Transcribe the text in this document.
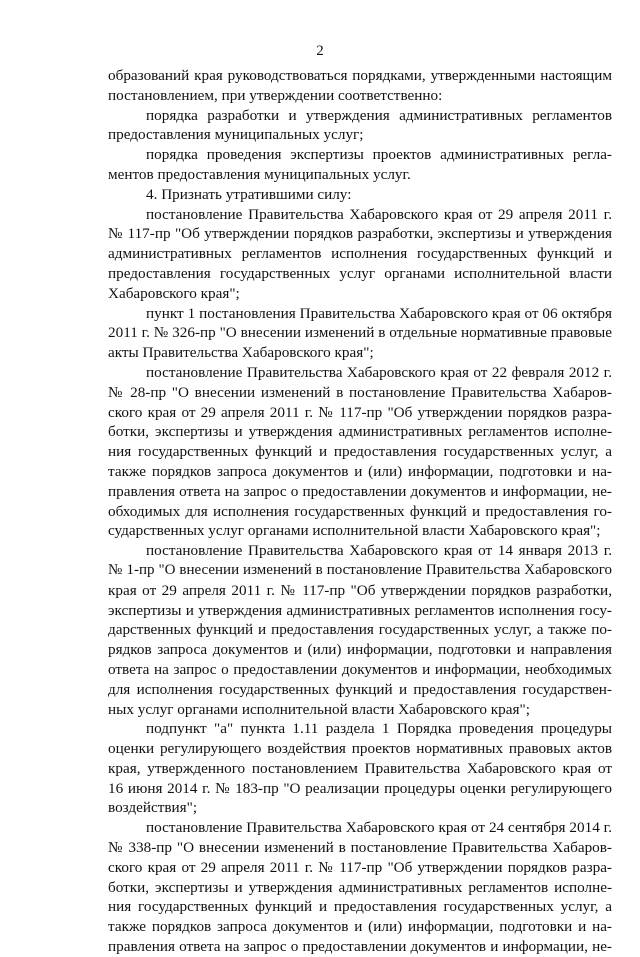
2
образований края руководствоваться порядками, утвержденными настоящим
постановлением, при утверждении соответственно:
порядка разработки и утверждения административных регламентов
предоставления муниципальных услуг;
порядка проведения экспертизы проектов административных регла-
ментов предоставления муниципальных услуг.
4. Признать утратившими силу:
постановление Правительства Хабаровского края от 29 апреля 2011 г.
№ 117-пр "Об утверждении порядков разработки, экспертизы и утверждения
административных регламентов исполнения государственных функций и
предоставления государственных услуг органами исполнительной власти
Хабаровского края";
пункт 1 постановления Правительства Хабаровского края от 06 октября
2011 г. № 326-пр "О внесении изменений в отдельные нормативные правовые
акты Правительства Хабаровского края";
постановление Правительства Хабаровского края от 22 февраля 2012 г.
№ 28-пр "О внесении изменений в постановление Правительства Хабаров-
ского края от 29 апреля 2011 г. № 117-пр "Об утверждении порядков разра-
ботки, экспертизы и утверждения административных регламентов исполне-
ния государственных функций и предоставления государственных услуг, а
также порядков запроса документов и (или) информации, подготовки и на-
правления ответа на запрос о предоставлении документов и информации, не-
обходимых для исполнения государственных функций и предоставления го-
сударственных услуг органами исполнительной власти Хабаровского края";
постановление Правительства Хабаровского края от 14 января 2013 г.
№ 1-пр "О внесении изменений в постановление Правительства Хабаровского
края от 29 апреля 2011 г. № 117-пр "Об утверждении порядков разработки,
экспертизы и утверждения административных регламентов исполнения госу-
дарственных функций и предоставления государственных услуг, а также по-
рядков запроса документов и (или) информации, подготовки и направления
ответа на запрос о предоставлении документов и информации, необходимых
для исполнения государственных функций и предоставления государствен-
ных услуг органами исполнительной власти Хабаровского края";
подпункт "а" пункта 1.11 раздела 1 Порядка проведения процедуры
оценки регулирующего воздействия проектов нормативных правовых актов
края, утвержденного постановлением Правительства Хабаровского края от
16 июня 2014 г. № 183-пр "О реализации процедуры оценки регулирующего
воздействия";
постановление Правительства Хабаровского края от 24 сентября 2014 г.
№ 338-пр "О внесении изменений в постановление Правительства Хабаров-
ского края от 29 апреля 2011 г. № 117-пр "Об утверждении порядков разра-
ботки, экспертизы и утверждения административных регламентов исполне-
ния государственных функций и предоставления государственных услуг, а
также порядков запроса документов и (или) информации, подготовки и на-
правления ответа на запрос о предоставлении документов и информации, не-
